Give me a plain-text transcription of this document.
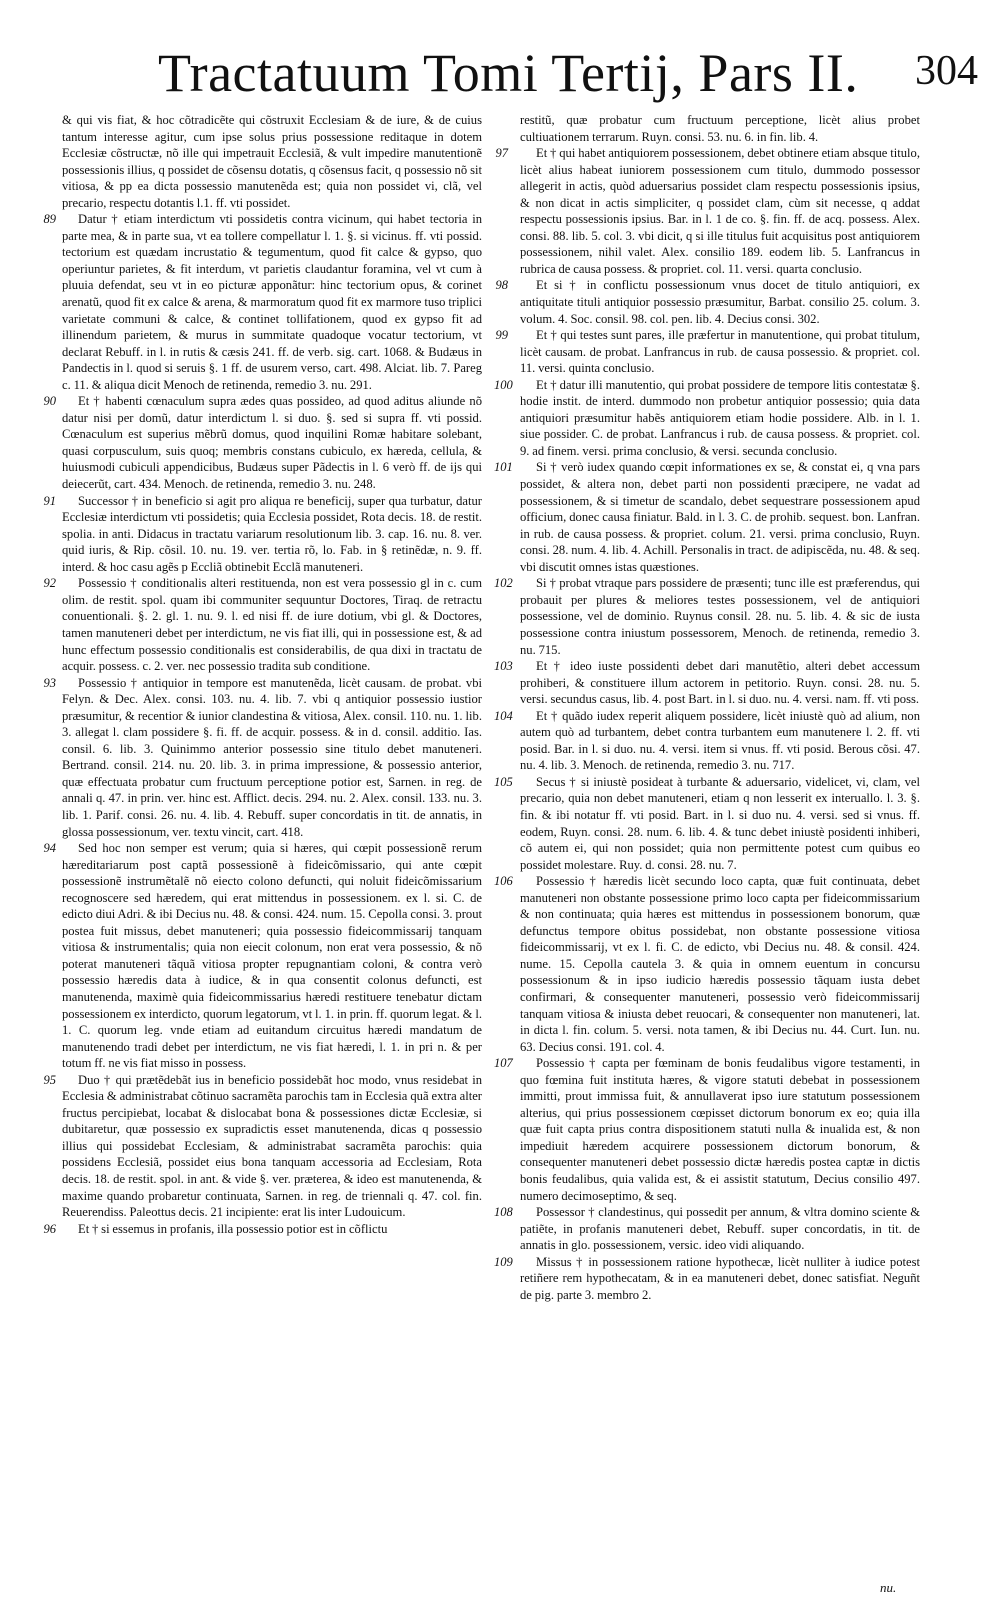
Tractatuum Tomi Tertij, Pars II. 304
& qui vis fiat, & hoc cõtradicẽte qui cõstruxit Ecclesiam & de iure, & de cuius tantum interesse agitur, cum ipse solus prius possessione reditaque in dotem Ecclesiæ cõstructæ, nõ ille qui impetrauit Ecclesiã, & vult impedire manutentionẽ possessionis illius, q possidet de cõsensu dotatis, q cõsensus facit, q possessio nõ sit vitiosa, & pp ea dicta possessio manutenẽda est; quia non possidet vi, clã, vel precario, respectu dotantis l.1. ff. vti possidet.
89 Datur † etiam interdictum vti possidetis contra vicinum, qui habet tectoria in parte mea, & in parte sua, vt ea tollere compellatur l. 1. §. si vicinus. ff. vti possid. tectorium est quædam incrustatio & tegumentum, quod fit calce & gypso, quo operiuntur parietes, & fit interdum, vt parietis claudantur foramina, vel vt cum à pluuia defendat, seu vt in eo picturæ apponãtur: hinc tectorium opus, & corinet arenatũ, quod fit ex calce & arena, & marmoratum quod fit ex marmore tuso triplici varietate communi & calce, & continet tollifationem, quod ex gypso fit ad illinendum parietem, & murus in summitate quadoque vocatur tectorium, vt declarat Rebuff. in l. in rutis & cæsis 241. ff. de verb. sig. cart. 1068. & Budæus in Pandectis in l. quod si seruis §. 1 ff. de usurem verso, cart. 498. Alciat. lib. 7. Pareg c. 11. & aliqua dicit Menoch de retinenda, remedio 3. nu. 291.
90 Et † habenti cœnaculum supra ædes quas possideo, ad quod aditus aliunde nõ datur nisi per domũ, datur interdictum l. si duo. §. sed si supra ff. vti possid. Cœnaculum est superius mẽbrũ domus, quod inquilini Romæ habitare solebant, quasi corpusculum, suis quoq; membris constans cubiculo, ex hæreda, cellula, & huiusmodi cubiculi appendicibus, Budæus super Pãdectis in l. 6 verò ff. de ijs qui deiecerũt, cart. 434. Menoch. de retinenda, remedio 3. nu. 248.
91 Successor † in beneficio si agit pro aliqua re beneficij, super qua turbatur, datur Ecclesiæ interdictum vti possidetis; quia Ecclesia possidet, Rota decis. 18. de restit. spolia. in anti. Didacus in tractatu variarum resolutionum lib. 3. cap. 16. nu. 8. ver. quid iuris, & Rip. cõsil. 10. nu. 19. ver. tertia rõ, lo. Fab. in § retinẽdæ, n. 9. ff. interd. & hoc casu agẽs p Eccliã obtinebit Ecclã manuteneri.
92 Possessio † conditionalis alteri restituenda, non est vera possessio gl in c. cum olim. de restit. spol. quam ibi communiter sequuntur Doctores, Tiraq. de retractu conuentionali. §. 2. gl. 1. nu. 9. l. ed nisi ff. de iure dotium, vbi gl. & Doctores, tamen manuteneri debet per interdictum, ne vis fiat illi, qui in possessione est, & ad hunc effectum possessio conditionalis est considerabilis, de qua dixi in tractatu de acquir. possess. c. 2. ver. nec possessio tradita sub conditione.
93 Possessio † antiquior in tempore est manutenẽda, licèt causam. de probat. vbi Felyn. & Dec. Alex. consi. 103. nu. 4. lib. 7. vbi q antiquior possessio iustior præsumitur, & recentior & iunior clandestina & vitiosa, Alex. consil. 110. nu. 1. lib. 3. allegat l. clam possidere §. fi. ff. de acquir. possess. & in d. consil. additio. Ias. consil. 6. lib. 3. Quinimmo anterior possessio sine titulo debet manuteneri. Bertrand. consil. 214. nu. 20. lib. 3. in prima impressione, & possessio anterior, quæ effectuata probatur cum fructuum perceptione potior est, Sarnen. in reg. de annali q. 47. in prin. ver. hinc est. Afflict. decis. 294. nu. 2. Alex. consil. 133. nu. 3. lib. 1. Parif. consi. 26. nu. 4. lib. 4. Rebuff. super concordatis in tit. de annatis, in glossa possessionum, ver. textu vincit, cart. 418.
94 Sed hoc non semper est verum; quia si hæres, qui cœpit possessionẽ rerum hæreditariarum post captã possessionẽ à fideicõmissario, qui ante cœpit possessionẽ instrumẽtalẽ nõ eiecto colono defuncti, qui noluit fideicõmissarium recognoscere sed hæredem, qui erat mittendus in possessionem. ex l. si. C. de edicto diui Adri. & ibi Decius nu. 48. & consi. 424. num. 15. Cepolla consi. 3. prout postea fuit missus, debet manuteneri; quia possessio fideicommissarij tanquam vitiosa & instrumentalis; quia non eiecit colonum, non erat vera possessio, & nõ poterat manuteneri tãquã vitiosa propter repugnantiam coloni, & contra verò possessio hæredis data à iudice, & in qua consentit colonus defuncti, est manutenenda, maximè quia fideicommissarius hæredi restituere tenebatur dictam possessionem ex interdicto, quorum legatorum, vt l. 1. in prin. ff. quorum legat. & l. 1. C. quorum leg. vnde etiam ad euitandum circuitus hæredi mandatum de manutenendo tradi debet per interdictum, ne vis fiat hæredi, l. 1. in pri n. & per totum ff. ne vis fiat misso in possess.
95 Duo † qui prætẽdebãt ius in beneficio possidebãt hoc modo, vnus residebat in Ecclesia & administrabat cõtinuo sacramẽta parochis tam in Ecclesia quã extra alter fructus percipiebat, locabat & dislocabat bona & possessiones dictæ Ecclesiæ, si dubitaretur, quæ possessio ex supradictis esset manutenenda, dicas q possessio illius qui possidebat Ecclesiam, & administrabat sacramẽta parochis: quia possidens Ecclesiã, possidet eius bona tanquam accessoria ad Ecclesiam, Rota decis. 18. de restit. spol. in ant. & vide §. ver. præterea, & ideo est manutenenda, & maxime quando probaretur continuata, Sarnen. in reg. de triennali q. 47. col. fin. Reuerendiss. Paleottus decis. 21 incipiente: erat lis inter Ludouicum.
96 Et † si essemus in profanis, illa possessio potior est in cõflictu
restitũ, quæ probatur cum fructuum perceptione, licèt alius probet cultiuationem terrarum. Ruyn. consi. 53. nu. 6. in fin. lib. 4.
97 Et † qui habet antiquiorem possessionem, debet obtinere etiam absque titulo, licèt alius habeat iuniorem possessionem cum titulo, dummodo possessor allegerit in actis, quòd aduersarius possidet clam respectu possessionis ipsius, & non dicat in actis simpliciter, q possidet clam, cùm sit necesse, q addat respectu possessionis ipsius. Bar. in l. 1 de co. §. fin. ff. de acq. possess. Alex. consi. 88. lib. 5. col. 3. vbi dicit, q si ille titulus fuit acquisitus post antiquiorem possessionem, nihil valet. Alex. consilio 189. eodem lib. 5. Lanfrancus in rubrica de causa possess. & propriet. col. 11. versi. quarta conclusio.
98 Et si † in conflictu possessionum vnus docet de titulo antiquiori, ex antiquitate tituli antiquior possessio præsumitur, Barbat. consilio 25. colum. 3. volum. 4. Soc. consil. 98. col. pen. lib. 4. Decius consi. 302.
99 Et † qui testes sunt pares, ille præfertur in manutentione, qui probat titulum, licèt causam. de probat. Lanfrancus in rub. de causa possessio. & propriet. col. 11. versi. quinta conclusio.
100 Et † datur illi manutentio, qui probat possidere de tempore litis contestatæ §. hodie instit. de interd. dummodo non probetur antiquior possessio; quia data antiquiori præsumitur habẽs antiquiorem etiam hodie possidere. Alb. in l. 1. siue possider. C. de probat. Lanfrancus i rub. de causa possess. & propriet. col. 9. ad finem. versi. prima conclusio, & versi. secunda conclusio.
101 Si † verò iudex quando cœpit informationes ex se, & constat ei, q vna pars possidet, & altera non, debet parti non possidenti præcipere, ne vadat ad possessionem, & si timetur de scandalo, debet sequestrare possessionem apud officium, donec causa finiatur. Bald. in l. 3. C. de prohib. sequest. bon. Lanfran. in rub. de causa possess. & propriet. colum. 21. versi. prima conclusio, Ruyn. consi. 28. num. 4. lib. 4. Achill. Personalis in tract. de adipiscẽda, nu. 48. & seq. vbi discutit omnes istas quæstiones.
102 Si † probat vtraque pars possidere de præsenti; tunc ille est præferendus, qui probauit per plures & meliores testes possessionem, vel de antiquiori possessione, vel de dominio. Ruynus consil. 28. nu. 5. lib. 4. & sic de iusta possessione contra iniustum possessorem, Menoch. de retinenda, remedio 3. nu. 715.
103 Et † ideo iuste possidenti debet dari manutẽtio, alteri debet accessum prohiberi, & constituere illum actorem in petitorio. Ruyn. consi. 28. nu. 5. versi. secundus casus, lib. 4. post Bart. in l. si duo. nu. 4. versi. nam. ff. vti poss.
104 Et † quãdo iudex reperit aliquem possidere, licèt iniustè quò ad alium, non autem quò ad turbantem, debet contra turbantem eum manutenere l. 2. ff. vti posid. Bar. in l. si duo. nu. 4. versi. item si vnus. ff. vti posid. Berous cõsi. 47. nu. 4. lib. 3. Menoch. de retinenda, remedio 3. nu. 717.
105 Secus † si iniustè posideat à turbante & aduersario, videlicet, vi, clam, vel precario, quia non debet manuteneri, etiam q non lesserit ex interuallo. l. 3. §. fin. & ibi notatur ff. vti posid. Bart. in l. si duo nu. 4. versi. sed si vnus. ff. eodem, Ruyn. consi. 28. num. 6. lib. 4. & tunc debet iniustè posidenti inhiberi, cõ autem ei, qui non possidet; quia non permittente potest cum quibus eo possidet molestare. Ruy. d. consi. 28. nu. 7.
106 Possessio † hæredis licèt secundo loco capta, quæ fuit continuata, debet manuteneri non obstante possessione primo loco capta per fideicommissarium & non continuata; quia hæres est mittendus in possessionem bonorum, quæ defunctus tempore obitus possidebat, non obstante possessione vitiosa fideicommissarij, vt ex l. fi. C. de edicto, vbi Decius nu. 48. & consil. 424. nume. 15. Cepolla cautela 3. & quia in omnem euentum in concursu possessionum & in ipso iudicio hæredis possessio tãquam iusta debet confirmari, & consequenter manuteneri, possessio verò fideicommissarij tanquam vitiosa & iniusta debet reuocari, & consequenter non manuteneri, lat. in dicta l. fin. colum. 5. versi. nota tamen, & ibi Decius nu. 44. Curt. Iun. nu. 63. Decius consi. 191. col. 4.
107 Possessio † capta per fœminam de bonis feudalibus vigore testamenti, in quo fœmina fuit instituta hæres, & vigore statuti debebat in possessionem immitti, prout immissa fuit, & annullaverat ipso iure statutum possessionem alterius, qui prius possessionem cœpisset dictorum bonorum ex eo; quia illa quæ fuit capta prius contra dispositionem statuti nulla & inualida est, & non impediuit hæredem acquirere possessionem dictorum bonorum, & consequenter manuteneri debet possessio dictæ hæredis postea captæ in dictis bonis feudalibus, quia valida est, & ei assistit statutum, Decius consilio 497. numero decimoseptimo, & seq.
108 Possessor † clandestinus, qui possedit per annum, & vltra domino sciente & patiẽte, in profanis manuteneri debet, Rebuff. super concordatis, in tit. de annatis in glo. possessionem, versic. ideo vidi aliquando.
109 Missus † in possessionem ratione hypothecæ, licèt nulliter à iudice potest retiñere rem hypothecatam, & in ea manuteneri debet, donec satisfiat. Neguñt de pig. parte 3. membro 2.
nu.
